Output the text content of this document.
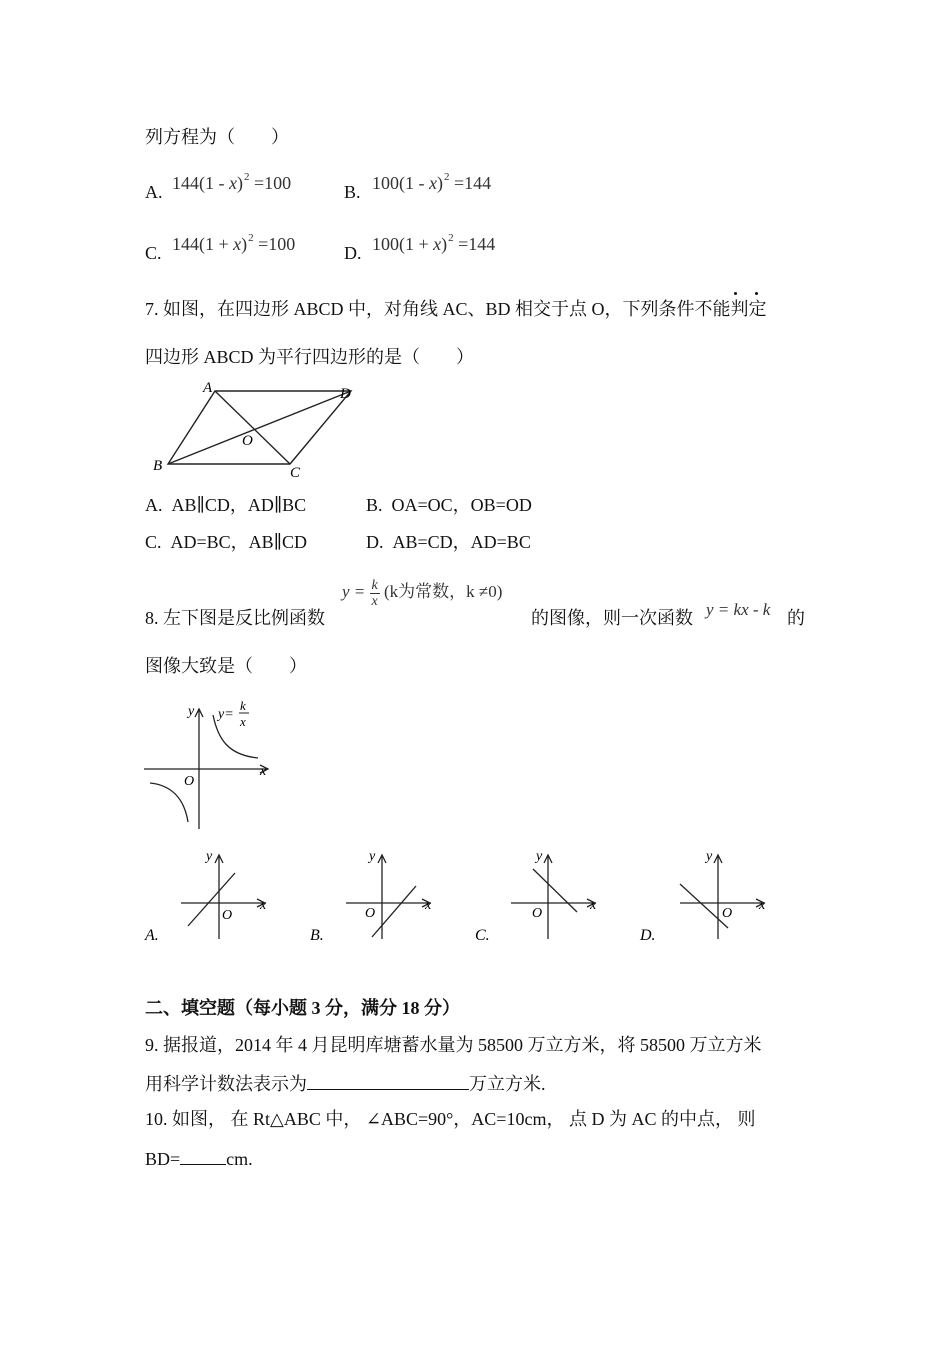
列方程为（　　）
A. 144(1 - x)$^2$ =100	B. 100(1 - x)$^2$ =144
C. $144(1 + x)^2 =100$	D. $100(1 + x)^2 =144$
7. 如图，在四边形 ABCD 中，对角线 AC、BD 相交于点 O，下列条件不能判定
四边形 ABCD 为平行四边形的是（　　）
A	D
B	C
O
A. AB∥CD，AD∥BC	B. OA=OC，OB=OD
C. AD=BC，AB∥CD	D. AB=CD，AD=BC
8. 左下图是反比例函数
$y = \frac{k}{x} (k$为常数，k ≠0)
的图像，则一次函数 y = kx - k 的
图像大致是（　　）
y
x
O
y=
k
x
y
x
O
A.
y
x
O
B.
y
x
O
C.
y
x
O
D.
二、填空题（每小题 3 分，满分 18 分）
9. 据报道，2014 年 4 月昆明库塘蓄水量为 58500 万立方米，将 58500 万立方米
用科学计数法表示为	万立方米.
10. 如图， 在 Rt△ABC 中， ∠ABC=90°，AC=10cm， 点 D 为 AC 的中点， 则
BD=	cm.
